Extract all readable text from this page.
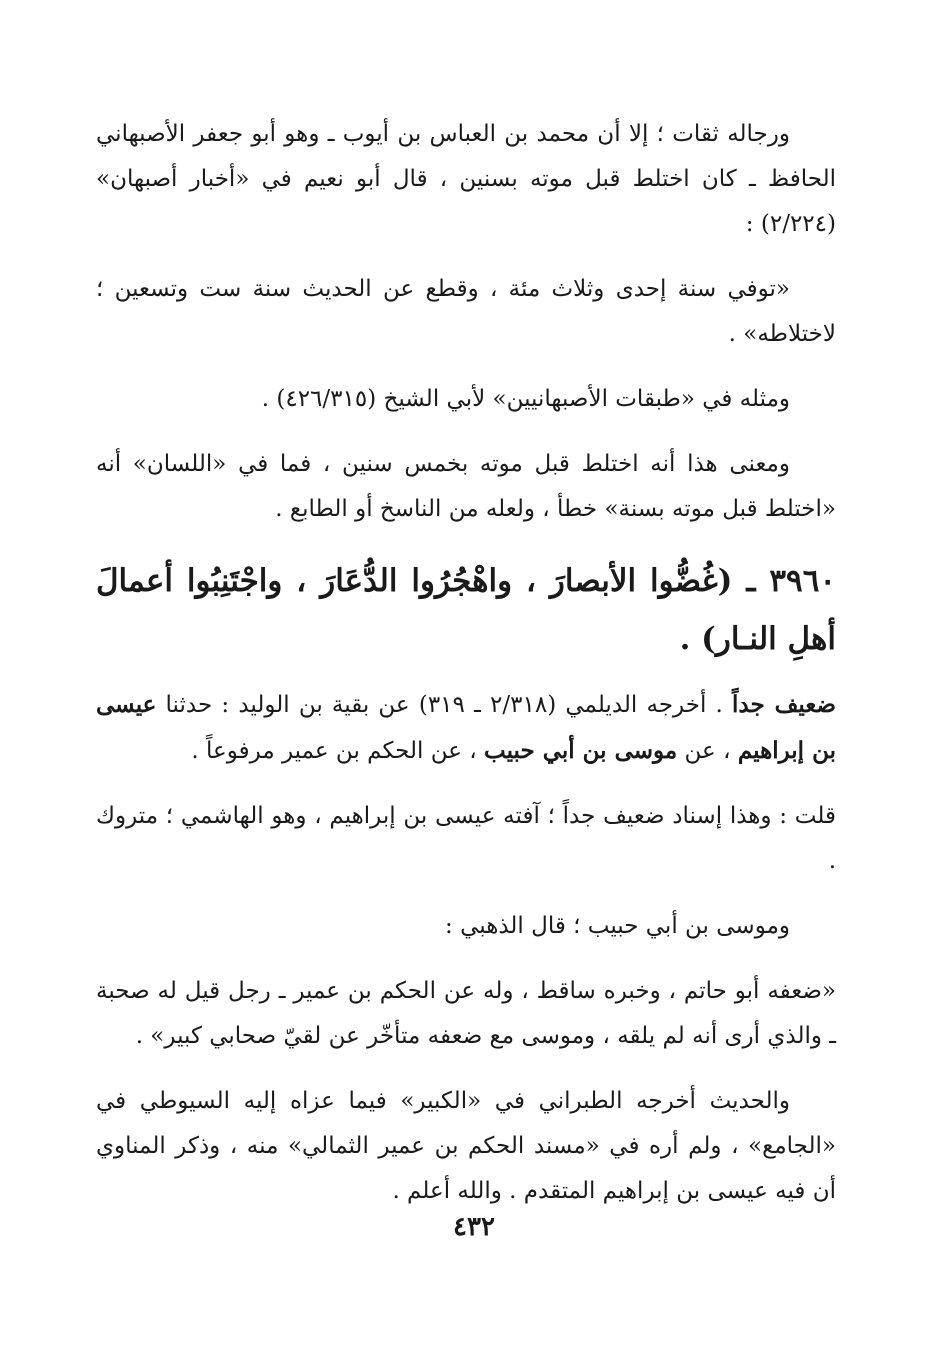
ورجاله ثقات ؛ إلا أن محمد بن العباس بن أيوب ـ وهو أبو جعفر الأصبهاني الحافظ ـ كان اختلط قبل موته بسنين ، قال أبو نعيم في «أخبار أصبهان» (٢/٢٢٤) :

«توفي سنة إحدى وثلاث مئة ، وقطع عن الحديث سنة ست وتسعين ؛ لاختلاطه» .

ومثله في «طبقات الأصبهانيين» لأبي الشيخ (٤٢٦/٣١٥) .

ومعنى هذا أنه اختلط قبل موته بخمس سنين ، فما في «اللسان» أنه «اختلط قبل موته بسنة» خطأ ، ولعله من الناسخ أو الطابع .

٣٩٦٠ ـ (غُضُّوا الأبصارَ ، واهْجُرُوا الدُّعَارَ ، واجْتَنِبُوا أعمالَ أهلِ النـار) .

ضعيف جداً . أخرجه الديلمي (٢/٣١٨ ـ ٣١٩) عن بقية بن الوليد : حدثنا عيسى بن إبراهيم ، عن موسى بن أبي حبيب ، عن الحكم بن عمير مرفوعاً .

قلت : وهذا إسناد ضعيف جداً ؛ آفته عيسى بن إبراهيم ، وهو الهاشمي ؛ متروك .

وموسى بن أبي حبيب ؛ قال الذهبي :

«ضعفه أبو حاتم ، وخبره ساقط ، وله عن الحكم بن عمير ـ رجل قيل له صحبة ـ والذي أرى أنه لم يلقه ، وموسى مع ضعفه متأخّر عن لقيّ صحابي كبير» .

والحديث أخرجه الطبراني في «الكبير» فيما عزاه إليه السيوطي في «الجامع» ، ولم أره في «مسند الحكم بن عمير الثمالي» منه ، وذكر المناوي أن فيه عيسى بن إبراهيم المتقدم . والله أعلم .

٤٣٢
